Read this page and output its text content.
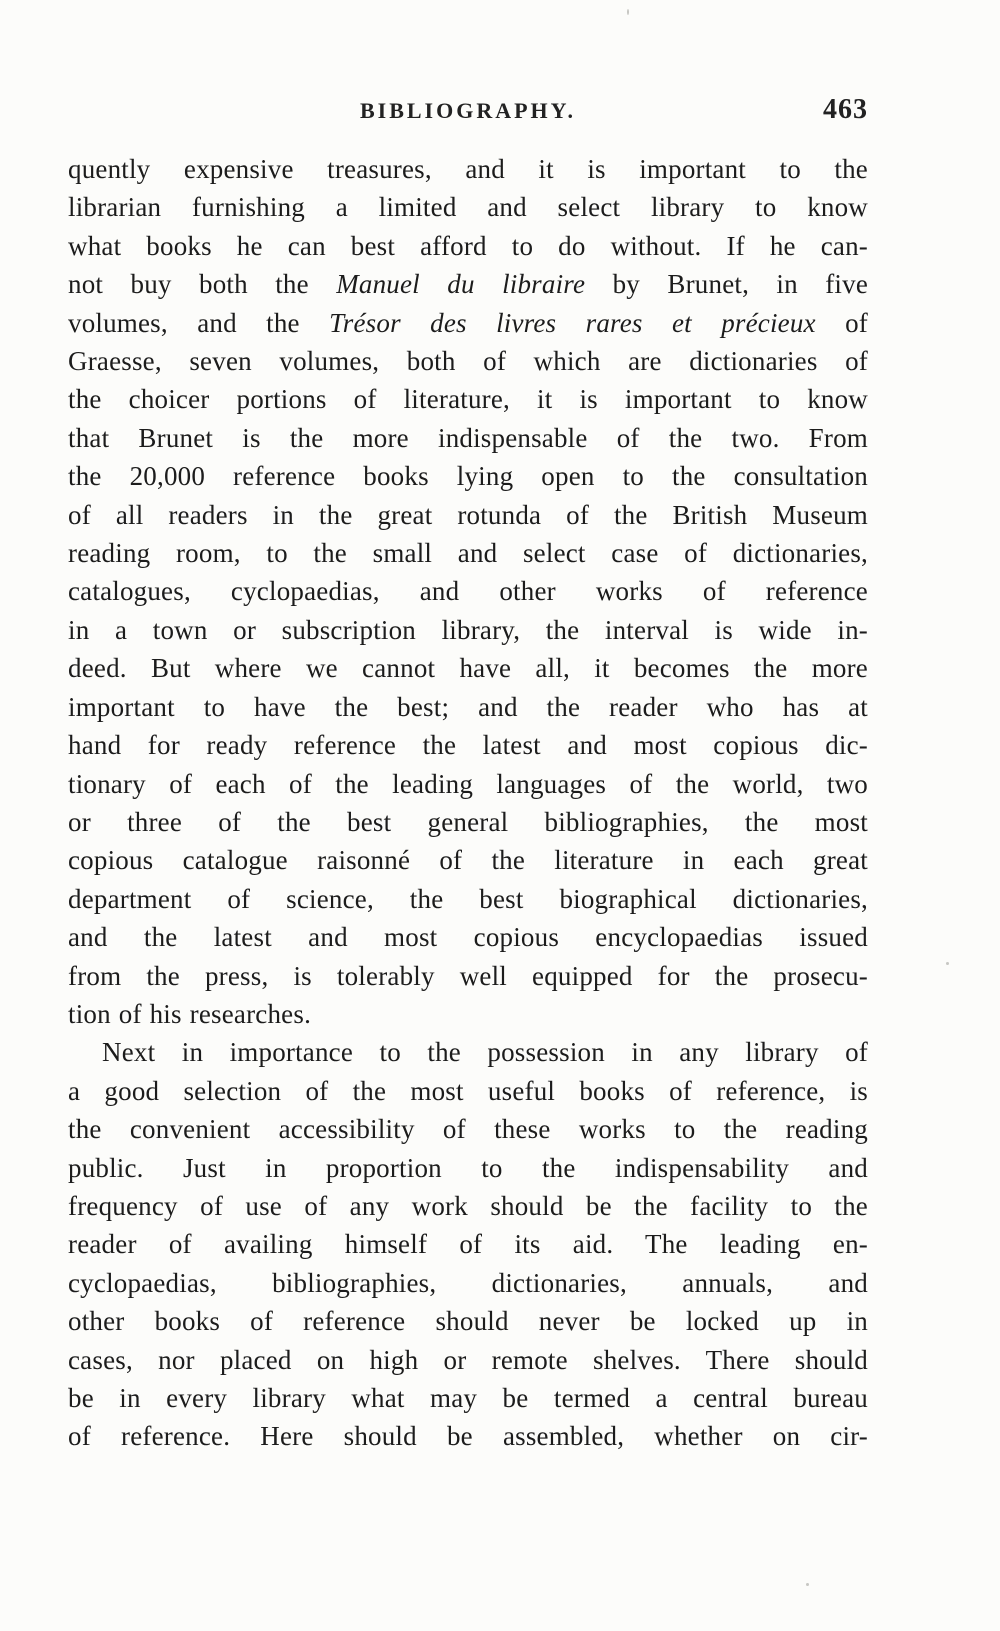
BIBLIOGRAPHY.	463
quently expensive treasures, and it is important to the
librarian furnishing a limited and select library to know
what books he can best afford to do without. If he can-
not buy both the Manuel du libraire by Brunet, in five
volumes, and the Trésor des livres rares et précieux of
Graesse, seven volumes, both of which are dictionaries of
the choicer portions of literature, it is important to know
that Brunet is the more indispensable of the two. From
the 20,000 reference books lying open to the consultation
of all readers in the great rotunda of the British Museum
reading room, to the small and select case of dictionaries,
catalogues, cyclopaedias, and other works of reference
in a town or subscription library, the interval is wide in-
deed. But where we cannot have all, it becomes the more
important to have the best; and the reader who has at
hand for ready reference the latest and most copious dic-
tionary of each of the leading languages of the world, two
or three of the best general bibliographies, the most
copious catalogue raisonné of the literature in each great
department of science, the best biographical dictionaries,
and the latest and most copious encyclopaedias issued
from the press, is tolerably well equipped for the prosecu-
tion of his researches.
Next in importance to the possession in any library of
a good selection of the most useful books of reference, is
the convenient accessibility of these works to the reading
public. Just in proportion to the indispensability and
frequency of use of any work should be the facility to the
reader of availing himself of its aid. The leading en-
cyclopaedias, bibliographies, dictionaries, annuals, and
other books of reference should never be locked up in
cases, nor placed on high or remote shelves. There should
be in every library what may be termed a central bureau
of reference. Here should be assembled, whether on cir-
